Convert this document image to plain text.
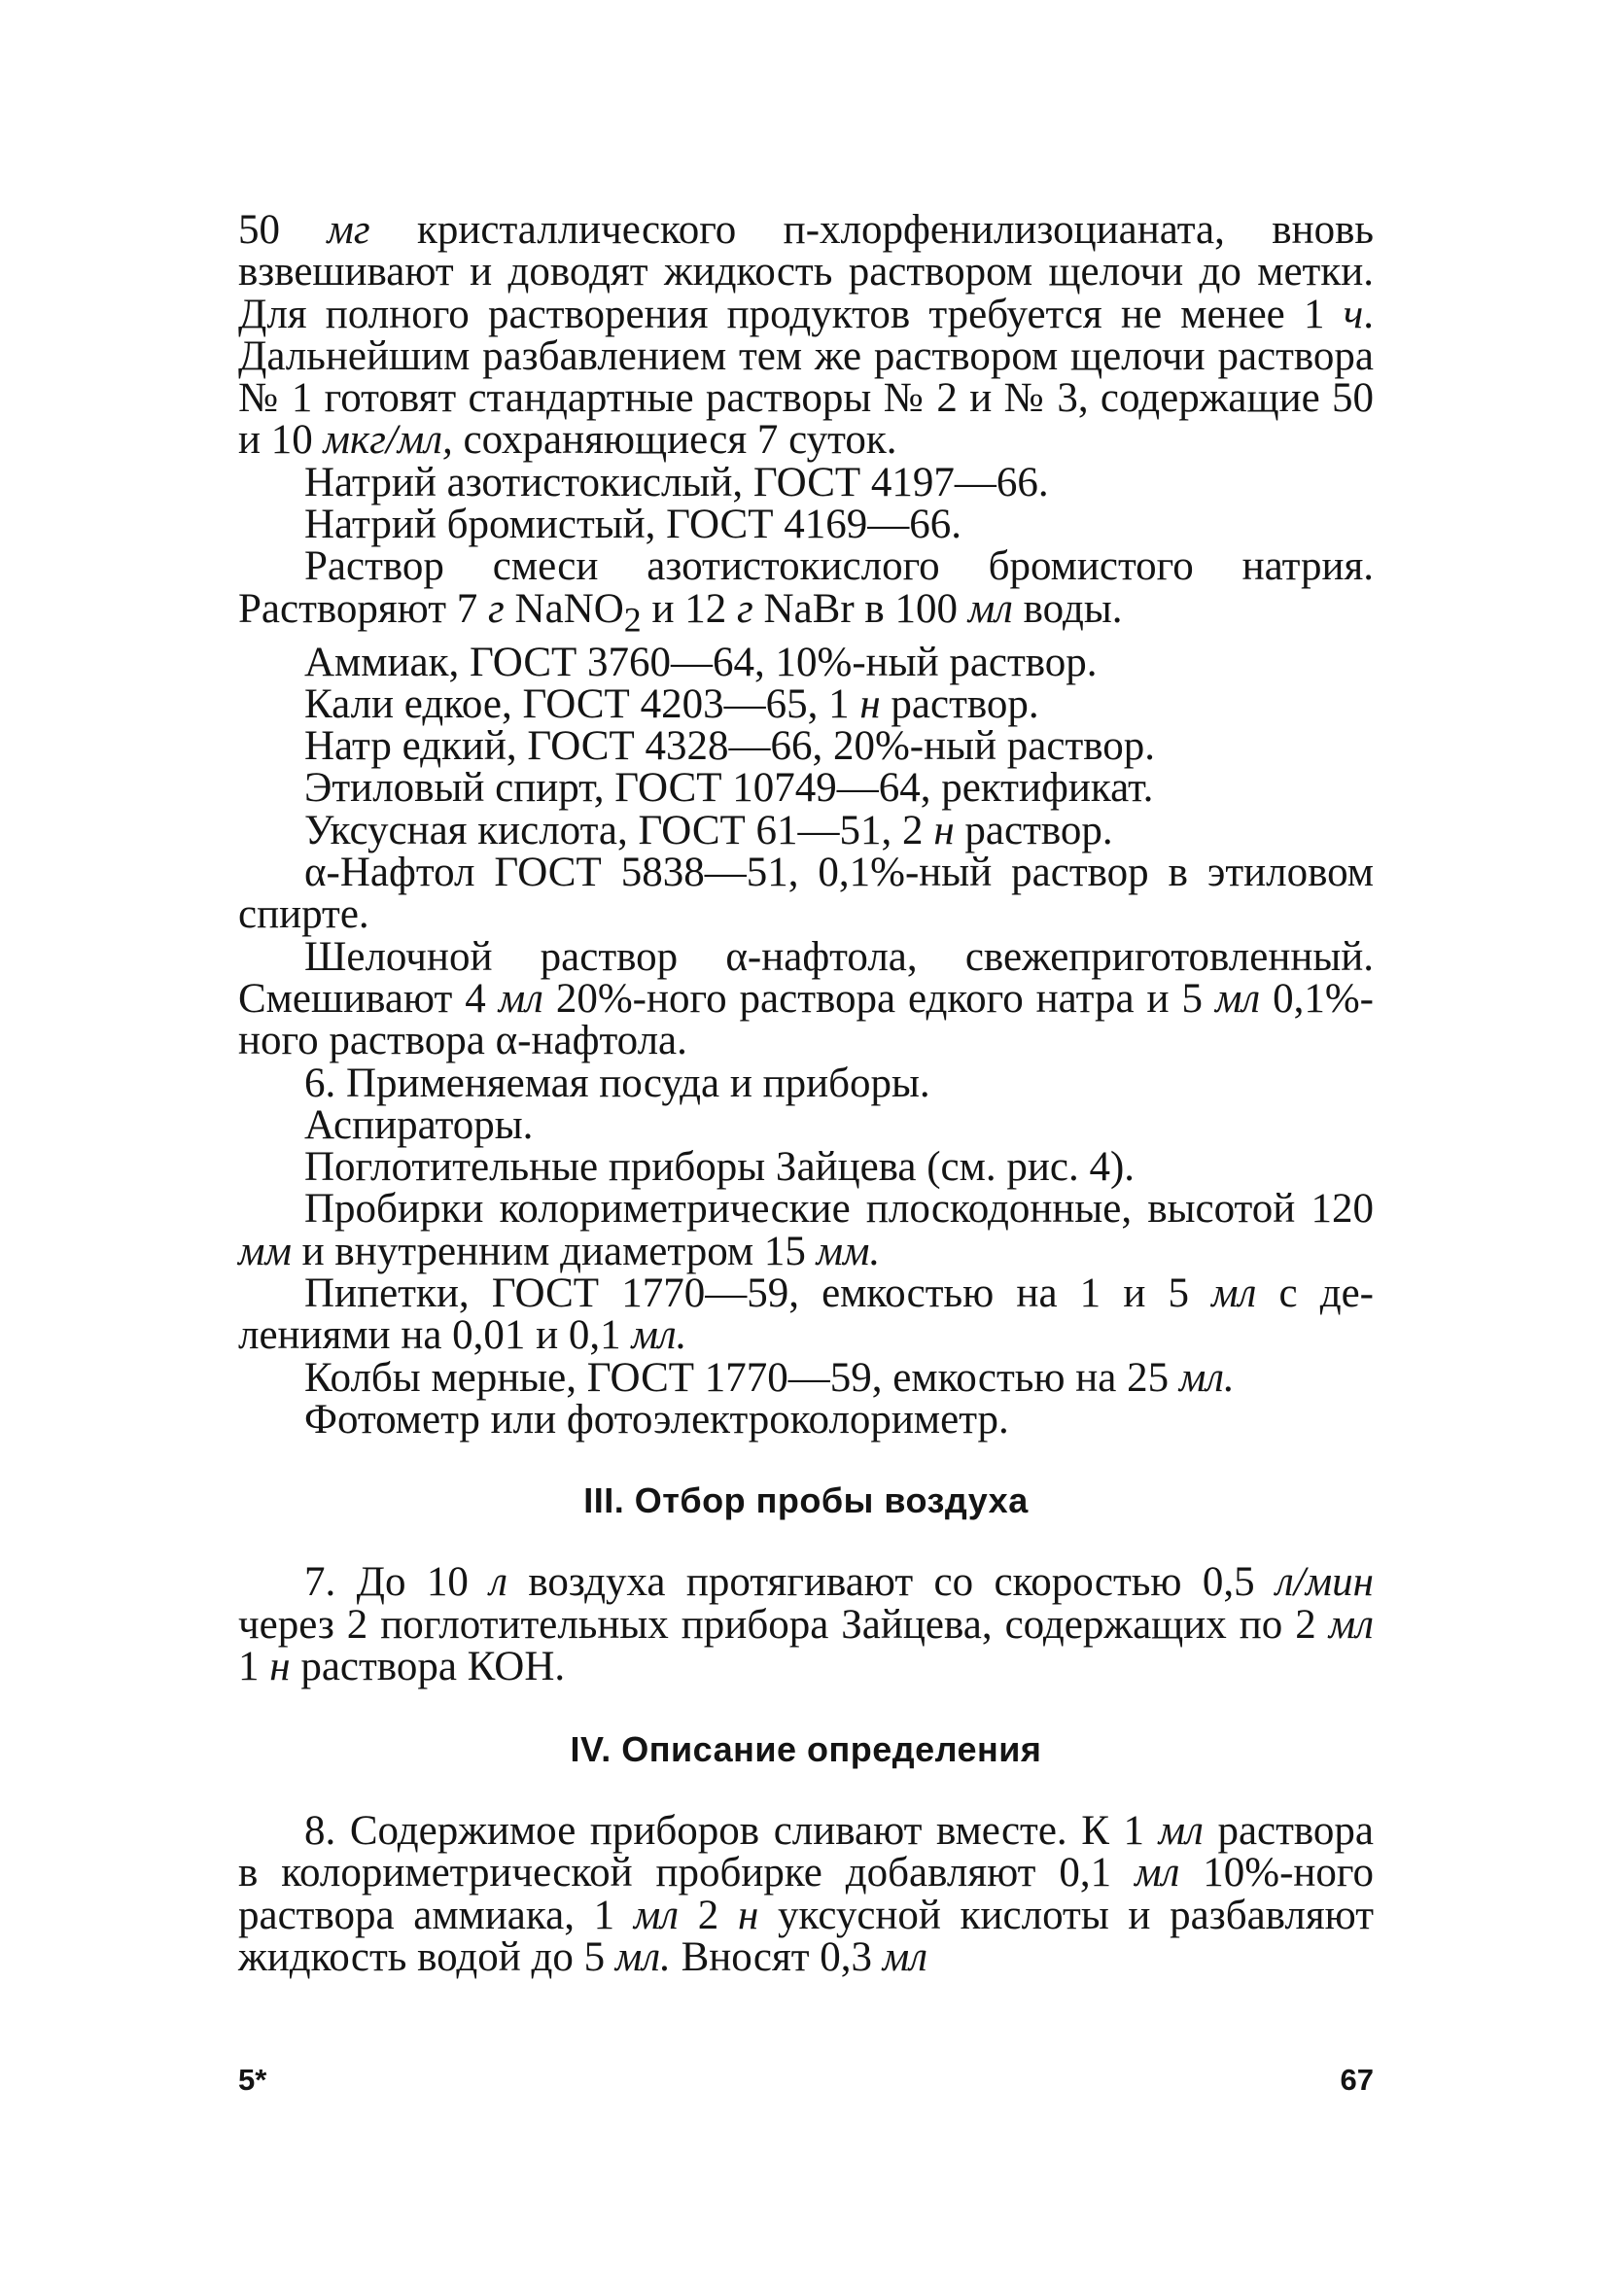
50 мг кристаллического п-хлорфенилизоцианата, вновь взвешивают и доводят жидкость раствором щелочи до метки. Для полного растворения продуктов требуется не менее 1 ч. Дальнейшим разбавлением тем же раствором щелочи раствора № 1 готовят стандартные растворы № 2 и № 3, содержащие 50 и 10 мкг/мл, сохраняющиеся 7 суток.

Натрий азотистокислый, ГОСТ 4197—66.

Натрий бромистый, ГОСТ 4169—66.

Раствор смеси азотистокислого бромистого натрия. Растворяют 7 г NaNO$_2$ и 12 г NaBr в 100 мл воды.

Аммиак, ГОСТ 3760—64, 10%-ный раствор.

Кали едкое, ГОСТ 4203—65, 1 н раствор.

Натр едкий, ГОСТ 4328—66, 20%-ный раствор.

Этиловый спирт, ГОСТ 10749—64, ректификат.

Уксусная кислота, ГОСТ 61—51, 2 н раствор.

α-Нафтол ГОСТ 5838—51, 0,1%-ный раствор в этиловом спирте.

Шелочной раствор α-нафтола, свежеприготовленный. Смешивают 4 мл 20%-ного раствора едкого натра и 5 мл 0,1%-ного раствора α-нафтола.

6. Применяемая посуда и приборы.

Аспираторы.

Поглотительные приборы Зайцева (см. рис. 4).

Пробирки колориметрические плоскодонные, высотой 120 мм и внутренним диаметром 15 мм.

Пипетки, ГОСТ 1770—59, емкостью на 1 и 5 мл с делениями на 0,01 и 0,1 мл.

Колбы мерные, ГОСТ 1770—59, емкостью на 25 мл.

Фотометр или фотоэлектроколориметр.

III. Отбор пробы воздуха

7. До 10 л воздуха протягивают со скоростью 0,5 л/мин через 2 поглотительных прибора Зайцева, содержащих по 2 мл 1 н раствора КОН.

IV. Описание определения

8. Содержимое приборов сливают вместе. К 1 мл раствора в колориметрической пробирке добавляют 0,1 мл 10%-ного раствора аммиака, 1 мл 2 н уксусной кислоты и разбавляют жидкость водой до 5 мл. Вносят 0,3 мл

5*	67
